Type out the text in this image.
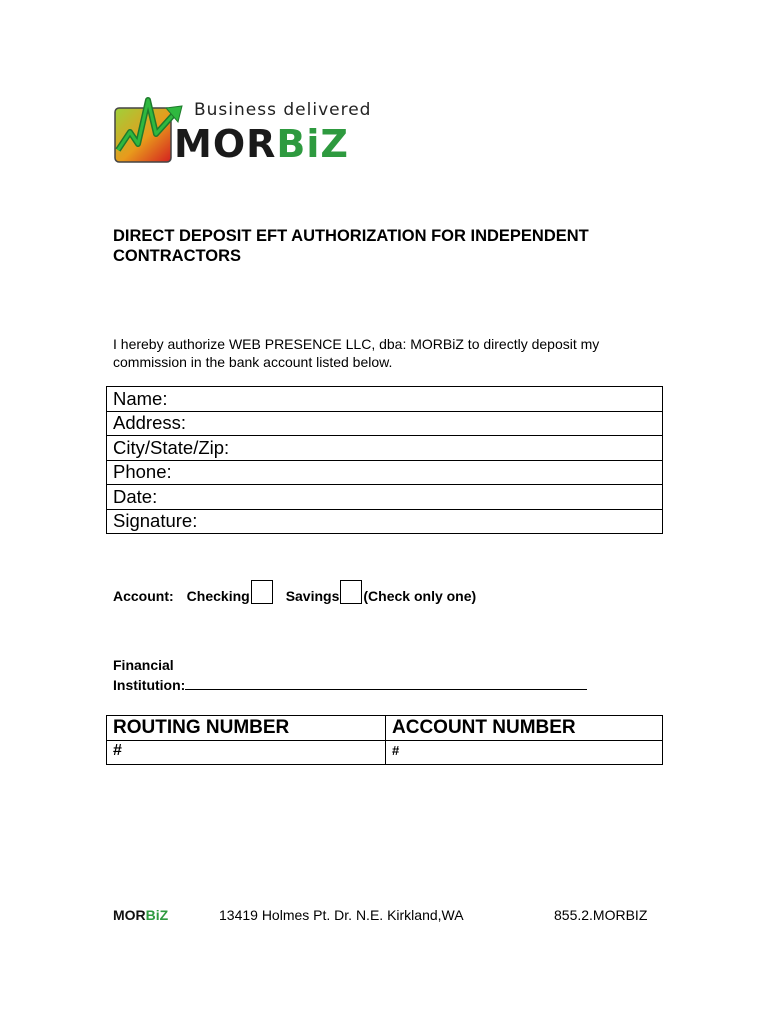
Business delivered
MORBiZ
DIRECT DEPOSIT EFT AUTHORIZATION FOR INDEPENDENT CONTRACTORS
I hereby authorize WEB PRESENCE LLC, dba: MORBiZ to directly deposit my commission in the bank account listed below.
Name:
Address:
City/State/Zip:
Phone:
Date:
Signature:
Account: Checking	Savings (Check only one)
Financial
Institution:
ROUTING NUMBER	ACCOUNT NUMBER
#	#
MORBiZ	13419 Holmes Pt. Dr. N.E. Kirkland,WA	855.2.MORBIZ
